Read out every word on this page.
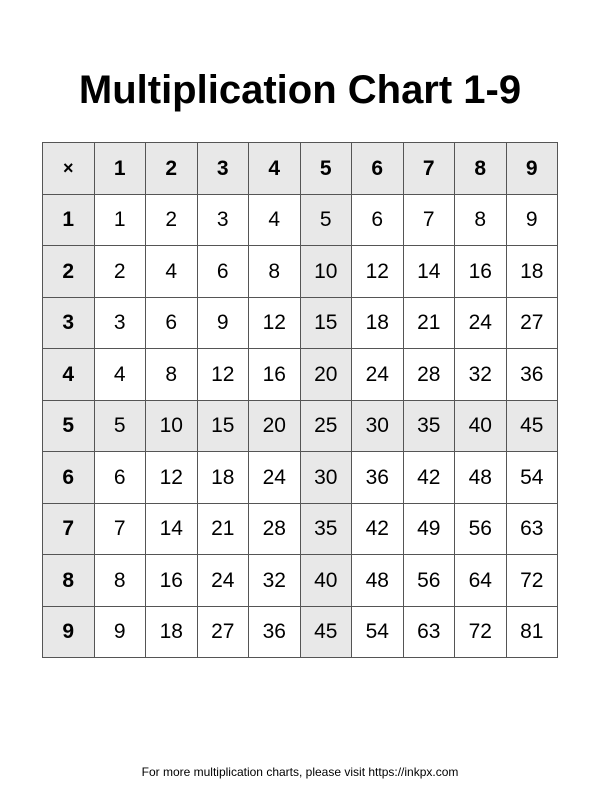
Multiplication Chart 1-9
×	1	2	3	4	5	6	7	8	9
1	1	2	3	4	5	6	7	8	9
2	2	4	6	8	10	12	14	16	18
3	3	6	9	12	15	18	21	24	27
4	4	8	12	16	20	24	28	32	36
5	5	10	15	20	25	30	35	40	45
6	6	12	18	24	30	36	42	48	54
7	7	14	21	28	35	42	49	56	63
8	8	16	24	32	40	48	56	64	72
9	9	18	27	36	45	54	63	72	81
For more multiplication charts, please visit https://inkpx.com
